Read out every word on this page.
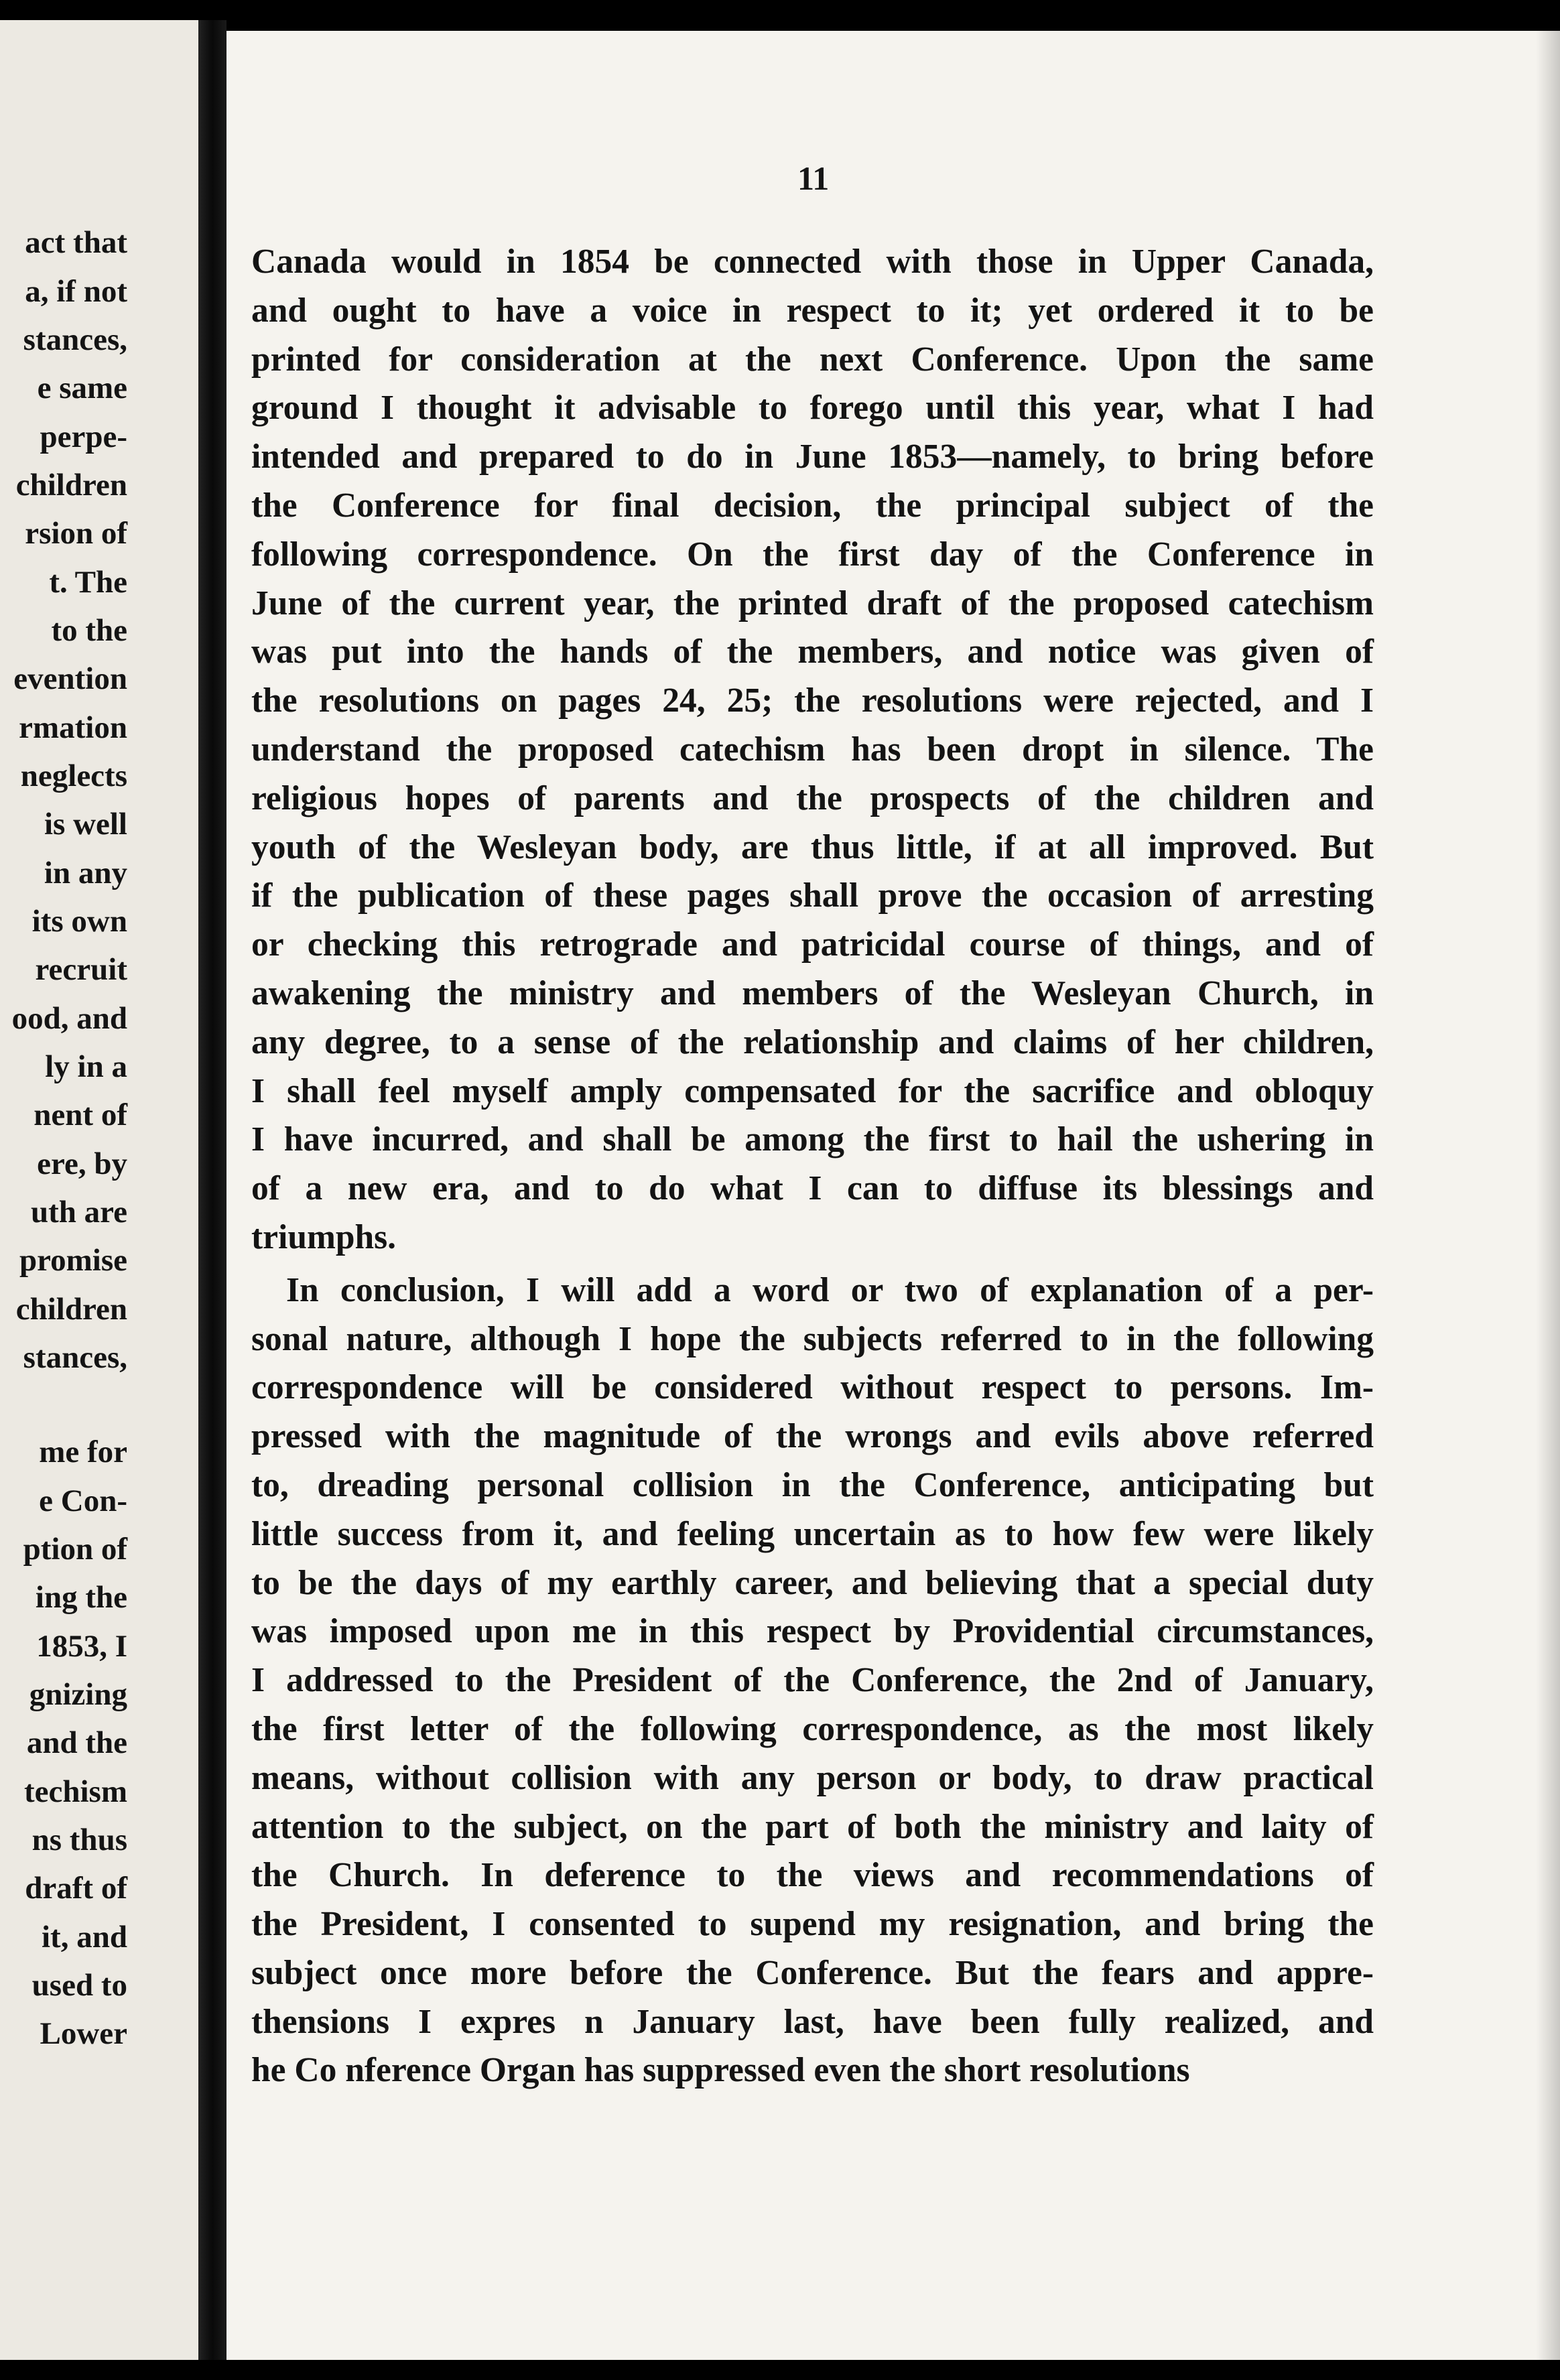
act that
a, if not
stances,
e same
perpe-
children
rsion of
t. The
to the
evention
rmation
neglects
is well
in any
its own
recruit
ood, and
ly in a
nent of
ere, by
uth are
promise
children
stances,
me for
e Con-
ption of
ing the
1853, I
gnizing
and the
techism
ns thus
draft of
it, and
used to
Lower
11
Canada would in 1854 be connected with those in Upper Canada,
and ought to have a voice in respect to it; yet ordered it to be
printed for consideration at the next Conference. Upon the same
ground I thought it advisable to forego until this year, what I had
intended and prepared to do in June 1853—namely, to bring before
the Conference for final decision, the principal subject of the
following correspondence. On the first day of the Conference in
June of the current year, the printed draft of the proposed catechism
was put into the hands of the members, and notice was given of
the resolutions on pages 24, 25; the resolutions were rejected, and I
understand the proposed catechism has been dropt in silence. The
religious hopes of parents and the prospects of the children and
youth of the Wesleyan body, are thus little, if at all improved. But
if the publication of these pages shall prove the occasion of arresting
or checking this retrograde and patricidal course of things, and of
awakening the ministry and members of the Wesleyan Church, in
any degree, to a sense of the relationship and claims of her children,
I shall feel myself amply compensated for the sacrifice and obloquy
I have incurred, and shall be among the first to hail the ushering in
of a new era, and to do what I can to diffuse its blessings and
triumphs.
In conclusion, I will add a word or two of explanation of a per-
sonal nature, although I hope the subjects referred to in the following
correspondence will be considered without respect to persons. Im-
pressed with the magnitude of the wrongs and evils above referred
to, dreading personal collision in the Conference, anticipating but
little success from it, and feeling uncertain as to how few were likely
to be the days of my earthly career, and believing that a special duty
was imposed upon me in this respect by Providential circumstances,
I addressed to the President of the Conference, the 2nd of January,
the first letter of the following correspondence, as the most likely
means, without collision with any person or body, to draw practical
attention to the subject, on the part of both the ministry and laity of
the Church. In deference to the views and recommendations of
the President, I consented to supend my resignation, and bring the
subject once more before the Conference. But the fears and appre-
thensions I expres n January last, have been fully realized, and
he Co nference Organ has suppressed even the short resolutions
